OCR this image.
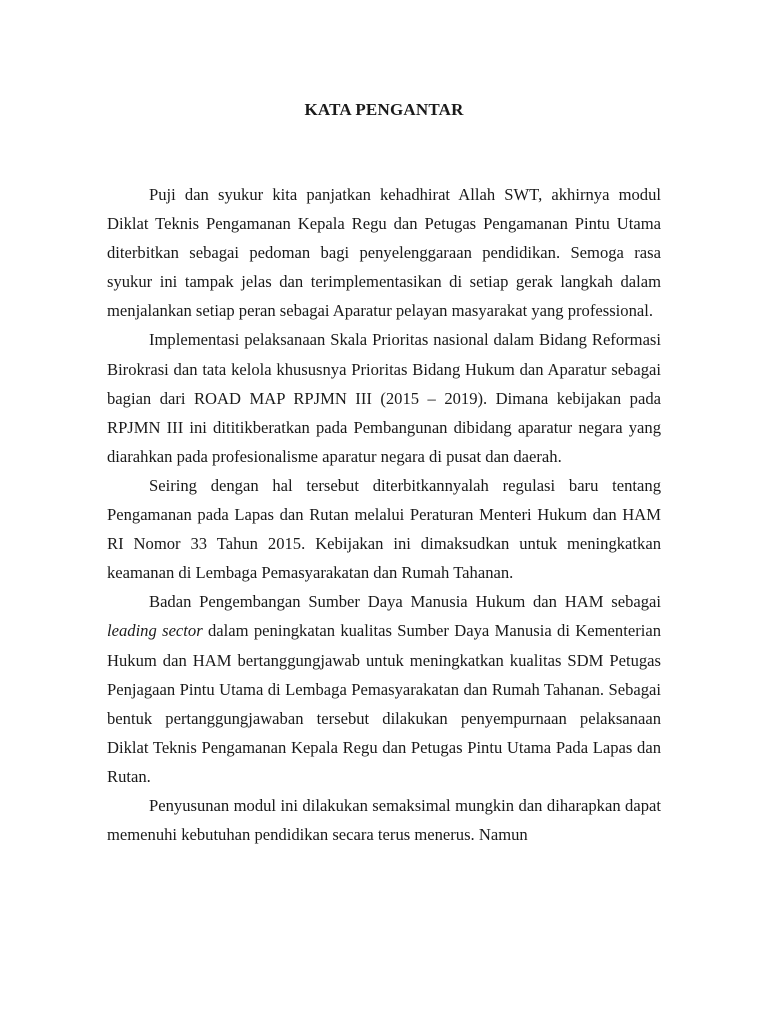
KATA PENGANTAR

Puji dan syukur kita panjatkan kehadhirat Allah SWT, akhirnya modul Diklat Teknis Pengamanan Kepala Regu dan Petugas Pengamanan Pintu Utama diterbitkan sebagai pedoman bagi penyelenggaraan pendidikan. Semoga rasa syukur ini tampak jelas dan terimplementasikan di setiap gerak langkah dalam menjalankan setiap peran sebagai Aparatur pelayan masyarakat yang professional.

Implementasi pelaksanaan Skala Prioritas nasional dalam Bidang Reformasi Birokrasi dan tata kelola khususnya Prioritas Bidang Hukum dan Aparatur sebagai bagian dari ROAD MAP RPJMN III (2015 – 2019). Dimana kebijakan pada RPJMN III ini dititikberatkan pada Pembangunan dibidang aparatur negara yang diarahkan pada profesionalisme aparatur negara di pusat dan daerah.

Seiring dengan hal tersebut diterbitkannyalah regulasi baru tentang Pengamanan pada Lapas dan Rutan melalui Peraturan Menteri Hukum dan HAM RI Nomor 33 Tahun 2015. Kebijakan ini dimaksudkan untuk meningkatkan keamanan di Lembaga Pemasyarakatan dan Rumah Tahanan.

Badan Pengembangan Sumber Daya Manusia Hukum dan HAM sebagai leading sector dalam peningkatan kualitas Sumber Daya Manusia di Kementerian Hukum dan HAM bertanggungjawab untuk meningkatkan kualitas SDM Petugas Penjagaan Pintu Utama di Lembaga Pemasyarakatan dan Rumah Tahanan. Sebagai bentuk pertanggungjawaban tersebut dilakukan penyempurnaan pelaksanaan Diklat Teknis Pengamanan Kepala Regu dan Petugas Pintu Utama Pada Lapas dan Rutan.

Penyusunan modul ini dilakukan semaksimal mungkin dan diharapkan dapat memenuhi kebutuhan pendidikan secara terus menerus. Namun
